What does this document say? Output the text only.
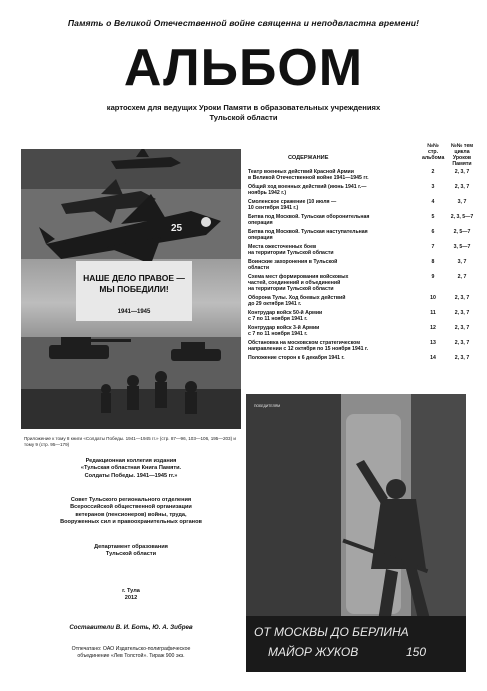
Память о Великой Отечественной войне священна и неподвластна времени!
АЛЬБОМ
картосхем для ведущих Уроки Памяти в образовательных учреждениях
Тульской области
25
НАШЕ ДЕЛО ПРАВОЕ —
МЫ ПОБЕДИЛИ!
1941—1945
Приложение к тому 8 книги «Солдаты Победы. 1941—1945 гг.» (стр. 87—96, 103—106, 195—203) и тому 9 (стр. 95—179)
Редакционная коллегия издания
«Тульская областная Книга Памяти.
Солдаты Победы. 1941—1945 гг.»
Совет Тульского регионального отделения
Всероссийской общественной организации
ветеранов (пенсионеров) войны, труда,
Вооруженных сил и правоохранительных органов
Департамент образования
Тульской области
г. Тула
2012
Составители В. И. Боть, Ю. А. Зибрев
Отпечатано: ОАО Издательско-полиграфическое
объединение «Лев Толстой». Тираж 900 экз.
СОДЕРЖАНИЕ
№№ стр. альбома
№№ тем цикла Уроков Памяти
Театр военных действий Красной Армии
в Великой Отечественной войне 1941—1945 гг.
2	2, 3, 7
Общий ход военных действий (июнь 1941 г.—
ноябрь 1942 г.)
3	2, 3, 7
Смоленское сражение (10 июля —
10 сентября 1941 г.)
4	3, 7
Битва под Москвой. Тульская оборонительная
операция
5	2, 3, 5—7
Битва под Москвой. Тульская наступательная
операция
6	2, 5—7
Места ожесточенных боев
на территории Тульской области
7	3, 5—7
Воинские захоронения в Тульской
области
8	3, 7
Схема мест формирования войсковых
частей, соединений и объединений
на территории Тульской области
9	2, 7
Оборона Тулы. Ход боевых действий
до 29 октября 1941 г.
10	2, 3, 7
Контрудар войск 50-й Армии
с 7 по 11 ноября 1941 г.
11	2, 3, 7
Контрудар войск 3-й Армии
с 7 по 11 ноября 1941 г.
12	2, 3, 7
Обстановка на московском стратегическом
направлении с 12 октября по 15 ноября 1941 г.
13	2, 3, 7
Положение сторон к 6 декабря 1941 г.	14	2, 3, 7
ОТ МОСКВЫ ДО БЕРЛИНА
МАЙОР ЖУКОВ	150
ПОБЕДИТЕЛЯМ
